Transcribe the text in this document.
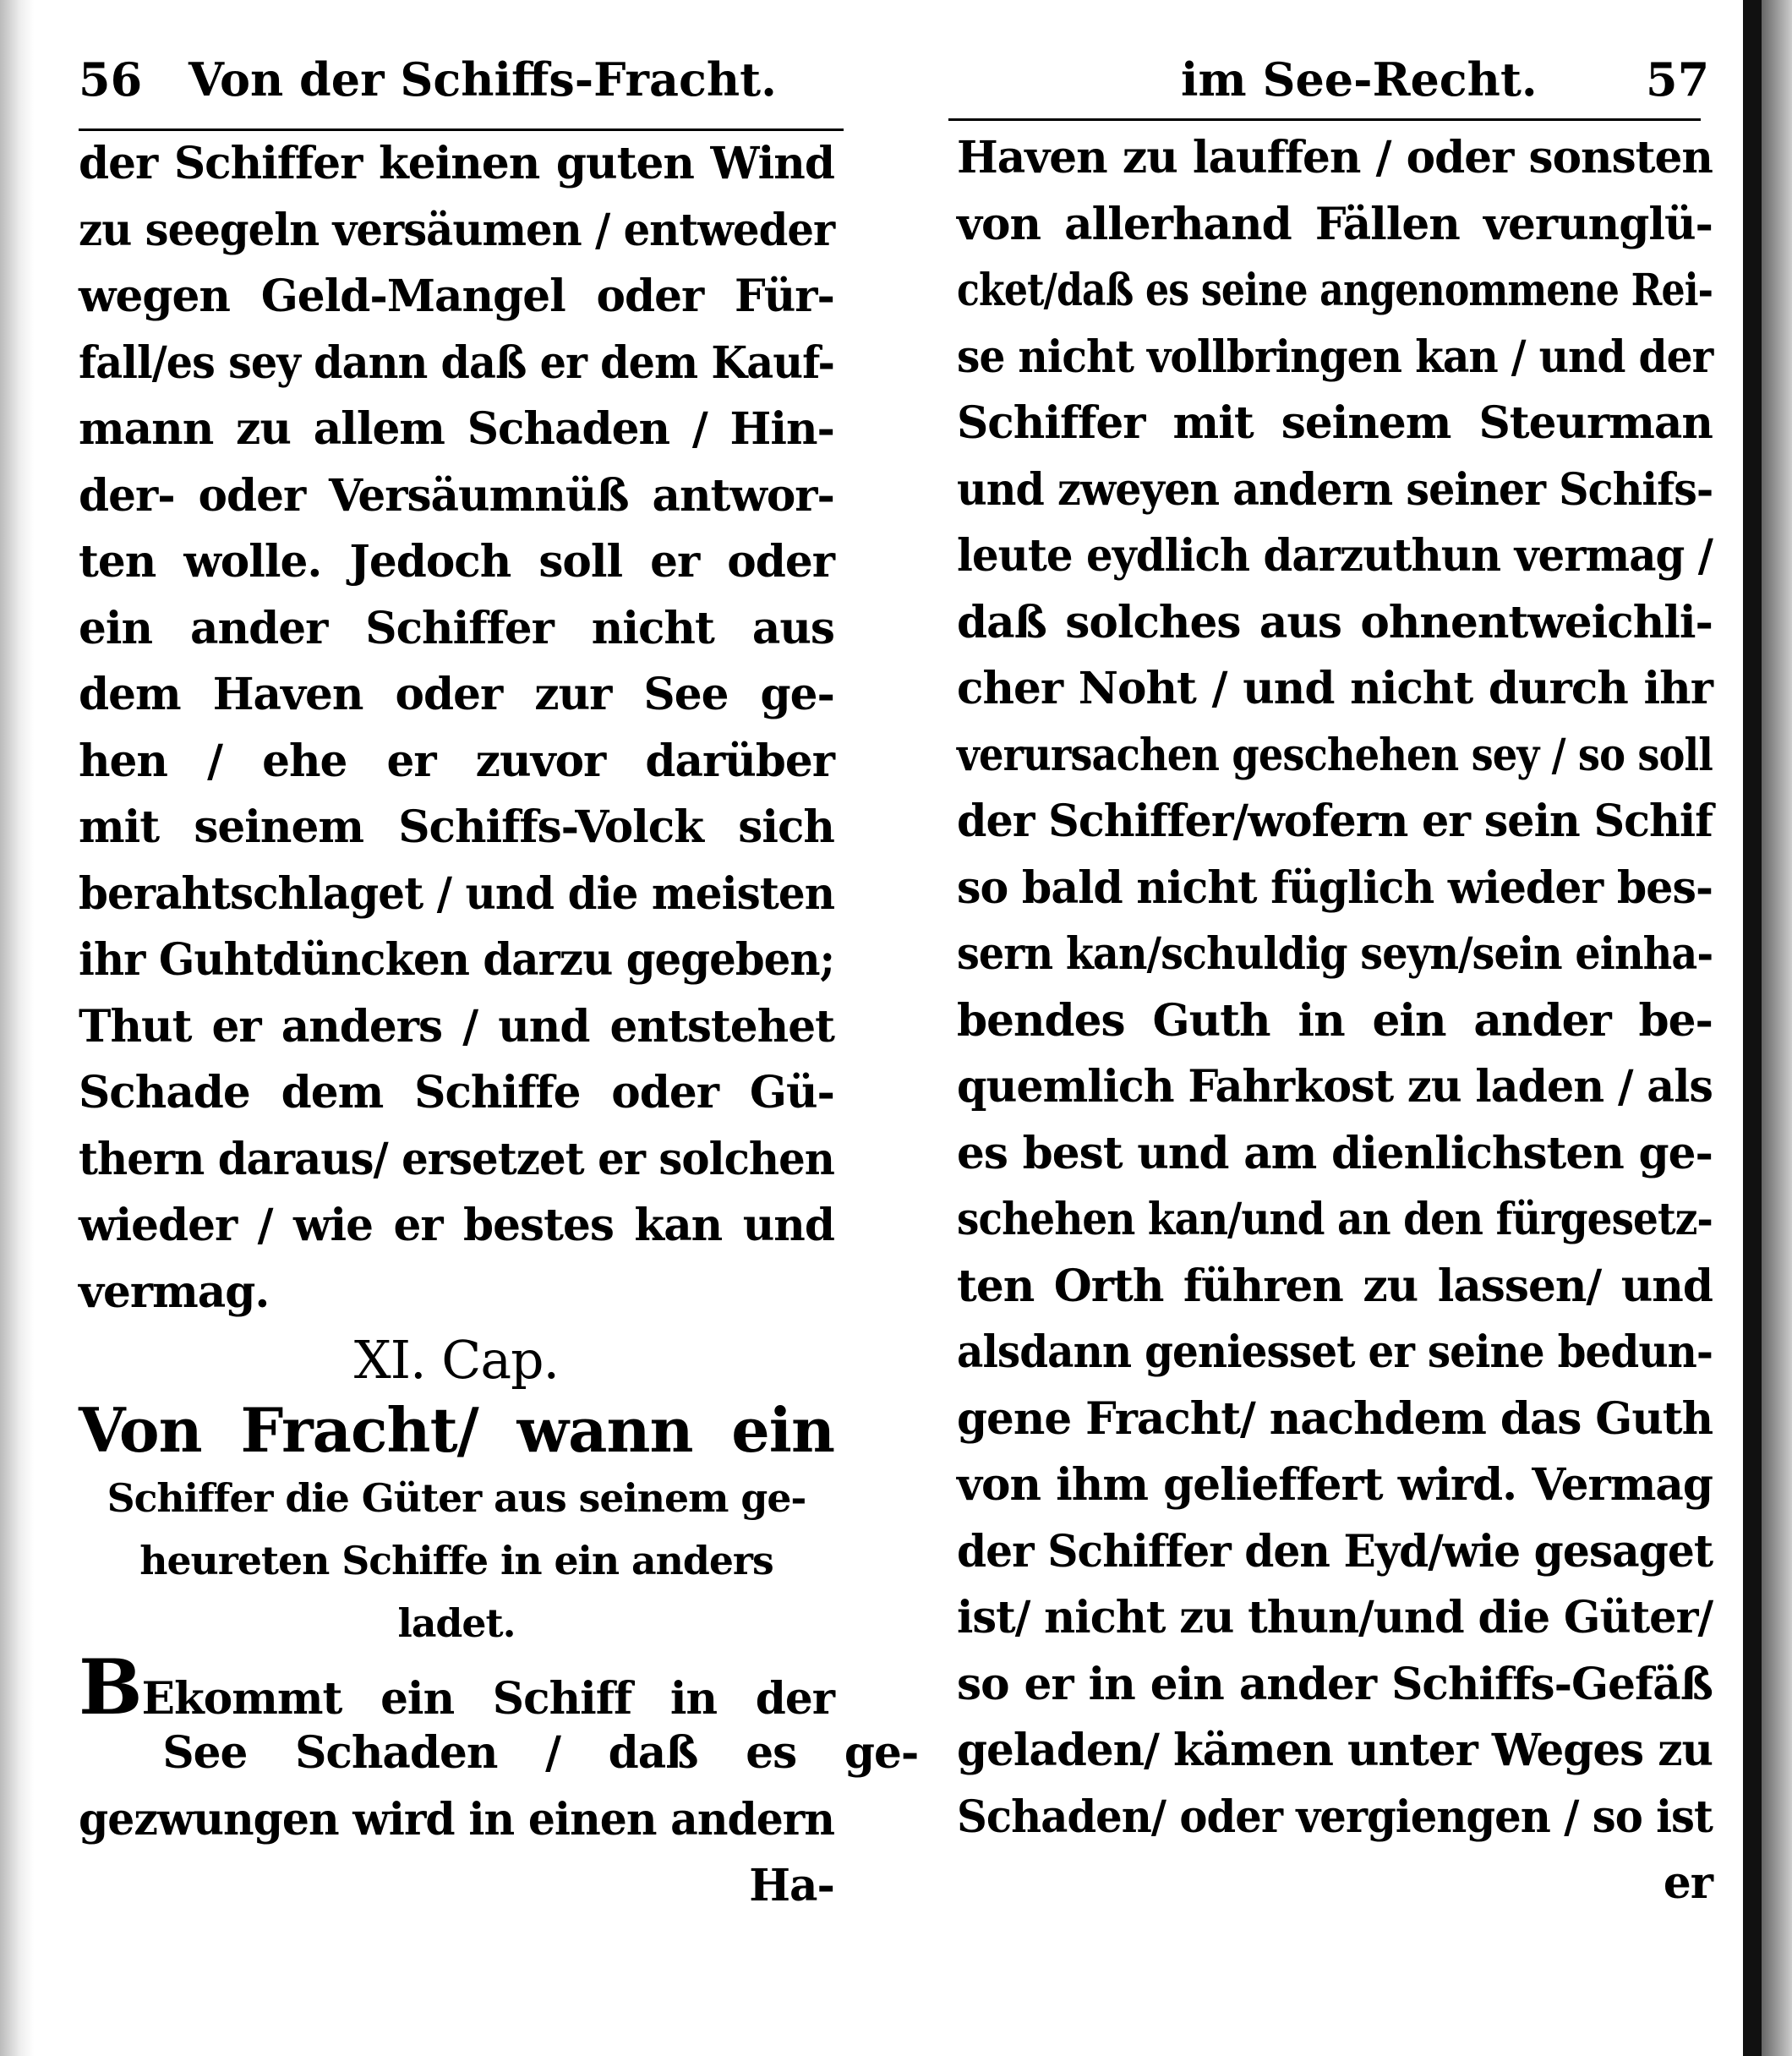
56 Von der Schiffs-Fracht.
der Schiffer keinen guten Wind
zu seegeln versäumen / entweder
wegen Geld-Mangel oder Für-
fall/es sey dann daß er dem Kauf-
mann zu allem Schaden / Hin-
der- oder Versäumnüß antwor-
ten wolle. Jedoch soll er oder
ein ander Schiffer nicht aus
dem Haven oder zur See ge-
hen / ehe er zuvor darüber
mit seinem Schiffs-Volck sich
berahtschlaget / und die meisten
ihr Guhtdüncken darzu gegeben;
Thut er anders / und entstehet
Schade dem Schiffe oder Gü-
thern daraus/ ersetzet er solchen
wieder / wie er bestes kan und
vermag.
XI. Cap.
Von Fracht/ wann ein
Schiffer die Güter aus seinem ge-
heureten Schiffe in ein anders
ladet.
BEkommt ein Schiff in der
See Schaden / daß es ge-
gezwungen wird in einen andern
Ha-
im See-Recht. 57
Haven zu lauffen / oder sonsten
von allerhand Fällen verunglü-
cket/daß es seine angenommene Rei-
se nicht vollbringen kan / und der
Schiffer mit seinem Steurman
und zweyen andern seiner Schifs-
leute eydlich darzuthun vermag /
daß solches aus ohnentweichli-
cher Noht / und nicht durch ihr
verursachen geschehen sey / so soll
der Schiffer/wofern er sein Schif
so bald nicht füglich wieder bes-
sern kan/schuldig seyn/sein einha-
bendes Guth in ein ander be-
quemlich Fahrkost zu laden / als
es best und am dienlichsten ge-
schehen kan/und an den fürgesetz-
ten Orth führen zu lassen/ und
alsdann geniesset er seine bedun-
gene Fracht/ nachdem das Guth
von ihm gelieffert wird. Vermag
der Schiffer den Eyd/wie gesaget
ist/ nicht zu thun/und die Güter/
so er in ein ander Schiffs-Gefäß
geladen/ kämen unter Weges zu
Schaden/ oder vergiengen / so ist
er
